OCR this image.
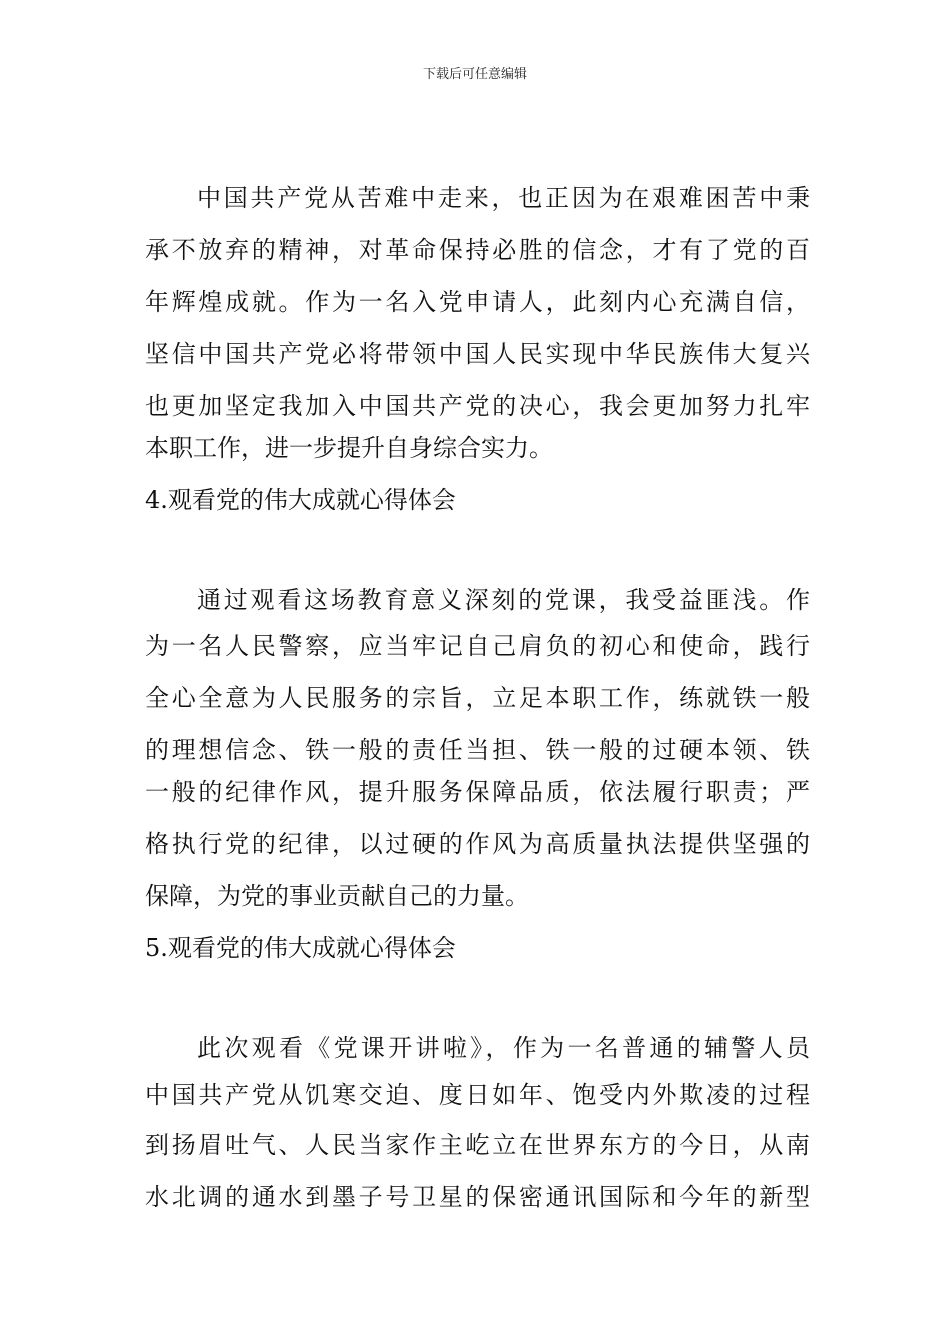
下载后可任意编辑
中国共产党从苦难中走来，也正因为在艰难困苦中秉
承不放弃的精神，对革命保持必胜的信念，才有了党的百
年辉煌成就。作为一名入党申请人，此刻内心充满自信，
坚信中国共产党必将带领中国人民实现中华民族伟大复兴
也更加坚定我加入中国共产党的决心，我会更加努力扎牢
本职工作，进一步提升自身综合实力。
4.观看党的伟大成就心得体会
通过观看这场教育意义深刻的党课，我受益匪浅。作
为一名人民警察，应当牢记自己肩负的初心和使命，践行
全心全意为人民服务的宗旨，立足本职工作，练就铁一般
的理想信念、铁一般的责任当担、铁一般的过硬本领、铁
一般的纪律作风，提升服务保障品质，依法履行职责；严
格执行党的纪律，以过硬的作风为高质量执法提供坚强的
保障，为党的事业贡献自己的力量。
5.观看党的伟大成就心得体会
此次观看《党课开讲啦》，作为一名普通的辅警人员
中国共产党从饥寒交迫、度日如年、饱受内外欺凌的过程
到扬眉吐气、人民当家作主屹立在世界东方的今日，从南
水北调的通水到墨子号卫星的保密通讯国际和今年的新型
